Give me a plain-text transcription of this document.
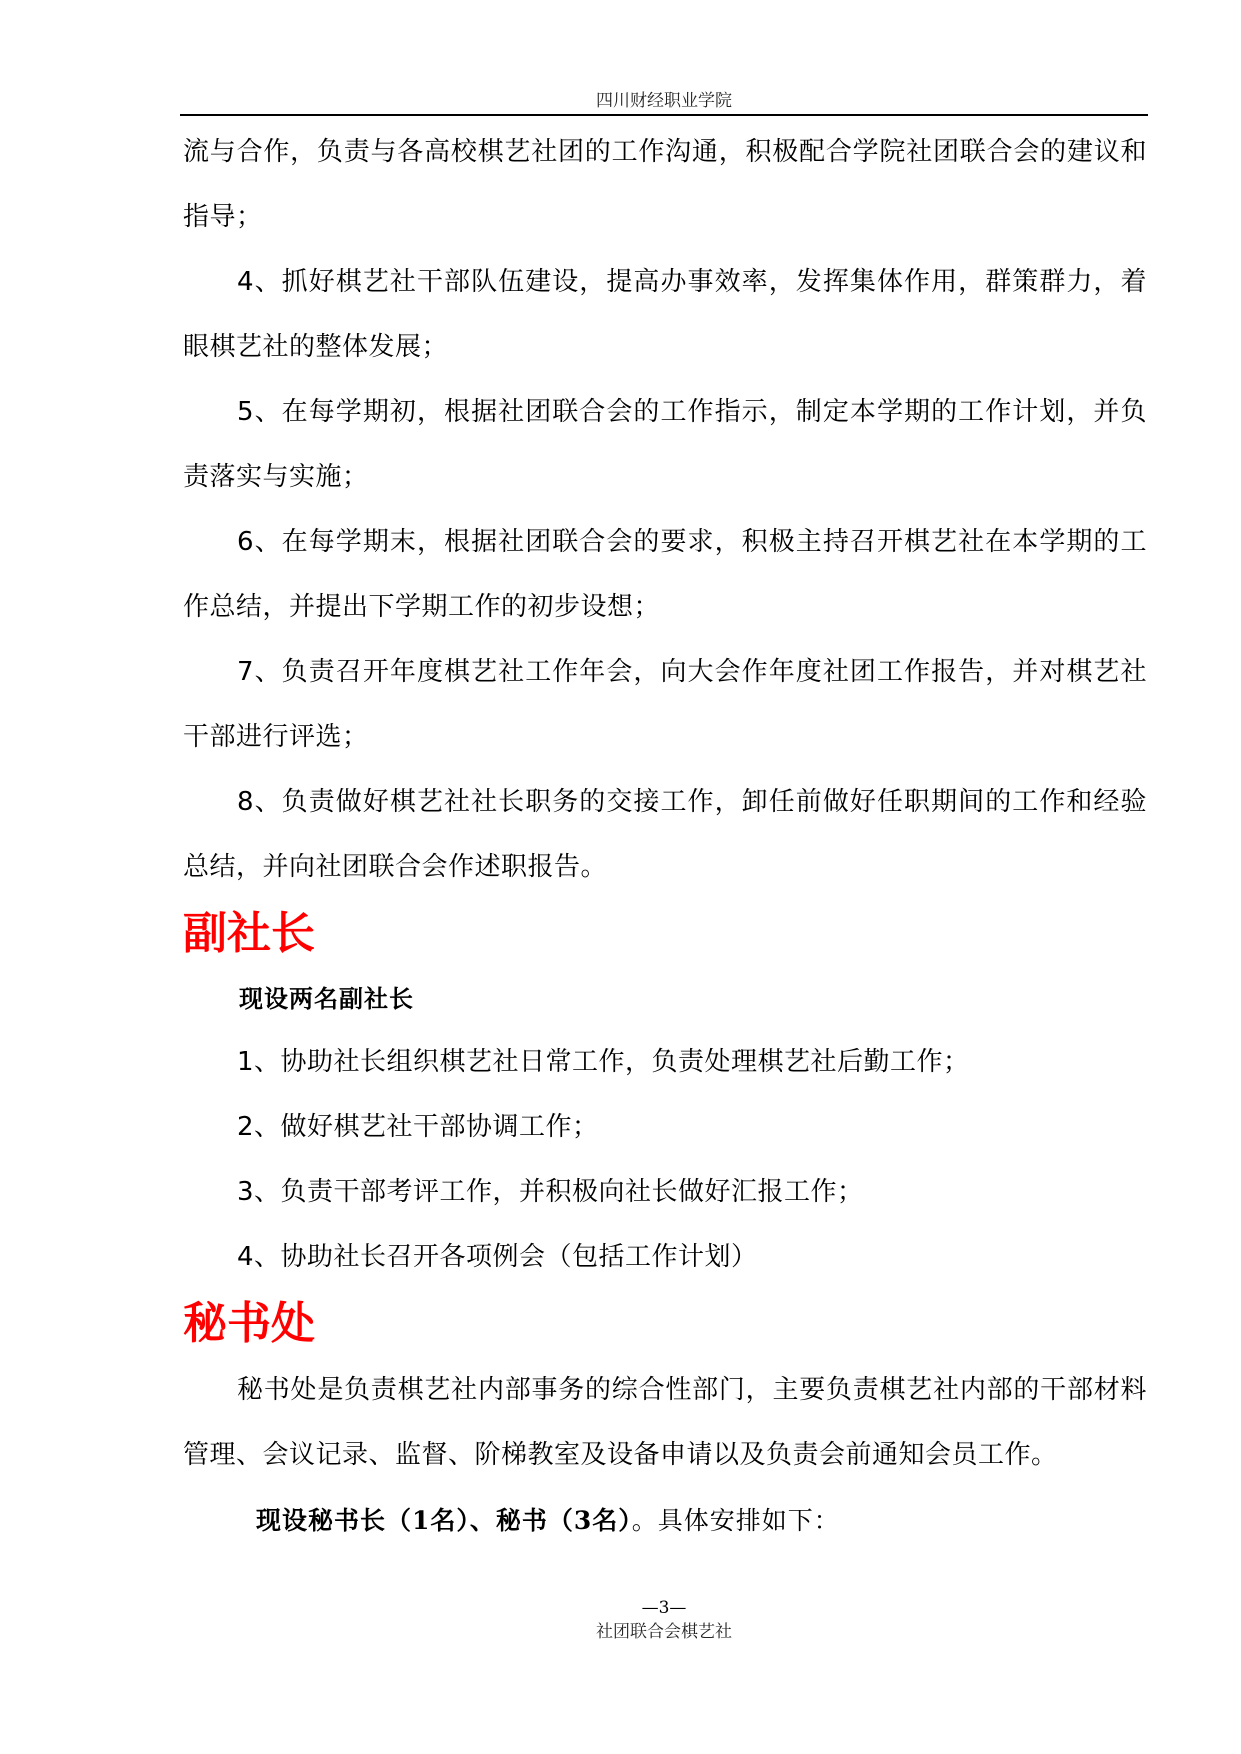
四川财经职业学院

流与合作，负责与各高校棋艺社团的工作沟通，积极配合学院社团联合会的建议和指导；

4、抓好棋艺社干部队伍建设，提高办事效率，发挥集体作用，群策群力，着眼棋艺社的整体发展；

5、在每学期初，根据社团联合会的工作指示，制定本学期的工作计划，并负责落实与实施；

6、在每学期末，根据社团联合会的要求，积极主持召开棋艺社在本学期的工作总结，并提出下学期工作的初步设想；

7、负责召开年度棋艺社工作年会，向大会作年度社团工作报告，并对棋艺社干部进行评选；

8、负责做好棋艺社社长职务的交接工作，卸任前做好任职期间的工作和经验总结，并向社团联合会作述职报告。

副社长

现设两名副社长

1、协助社长组织棋艺社日常工作，负责处理棋艺社后勤工作；

2、做好棋艺社干部协调工作；

3、负责干部考评工作，并积极向社长做好汇报工作；

4、协助社长召开各项例会（包括工作计划）

秘书处

秘书处是负责棋艺社内部事务的综合性部门，主要负责棋艺社内部的干部材料管理、会议记录、监督、阶梯教室及设备申请以及负责会前通知会员工作。

现设秘书长（1名）、秘书（3名）。具体安排如下：

—3—
社团联合会棋艺社
